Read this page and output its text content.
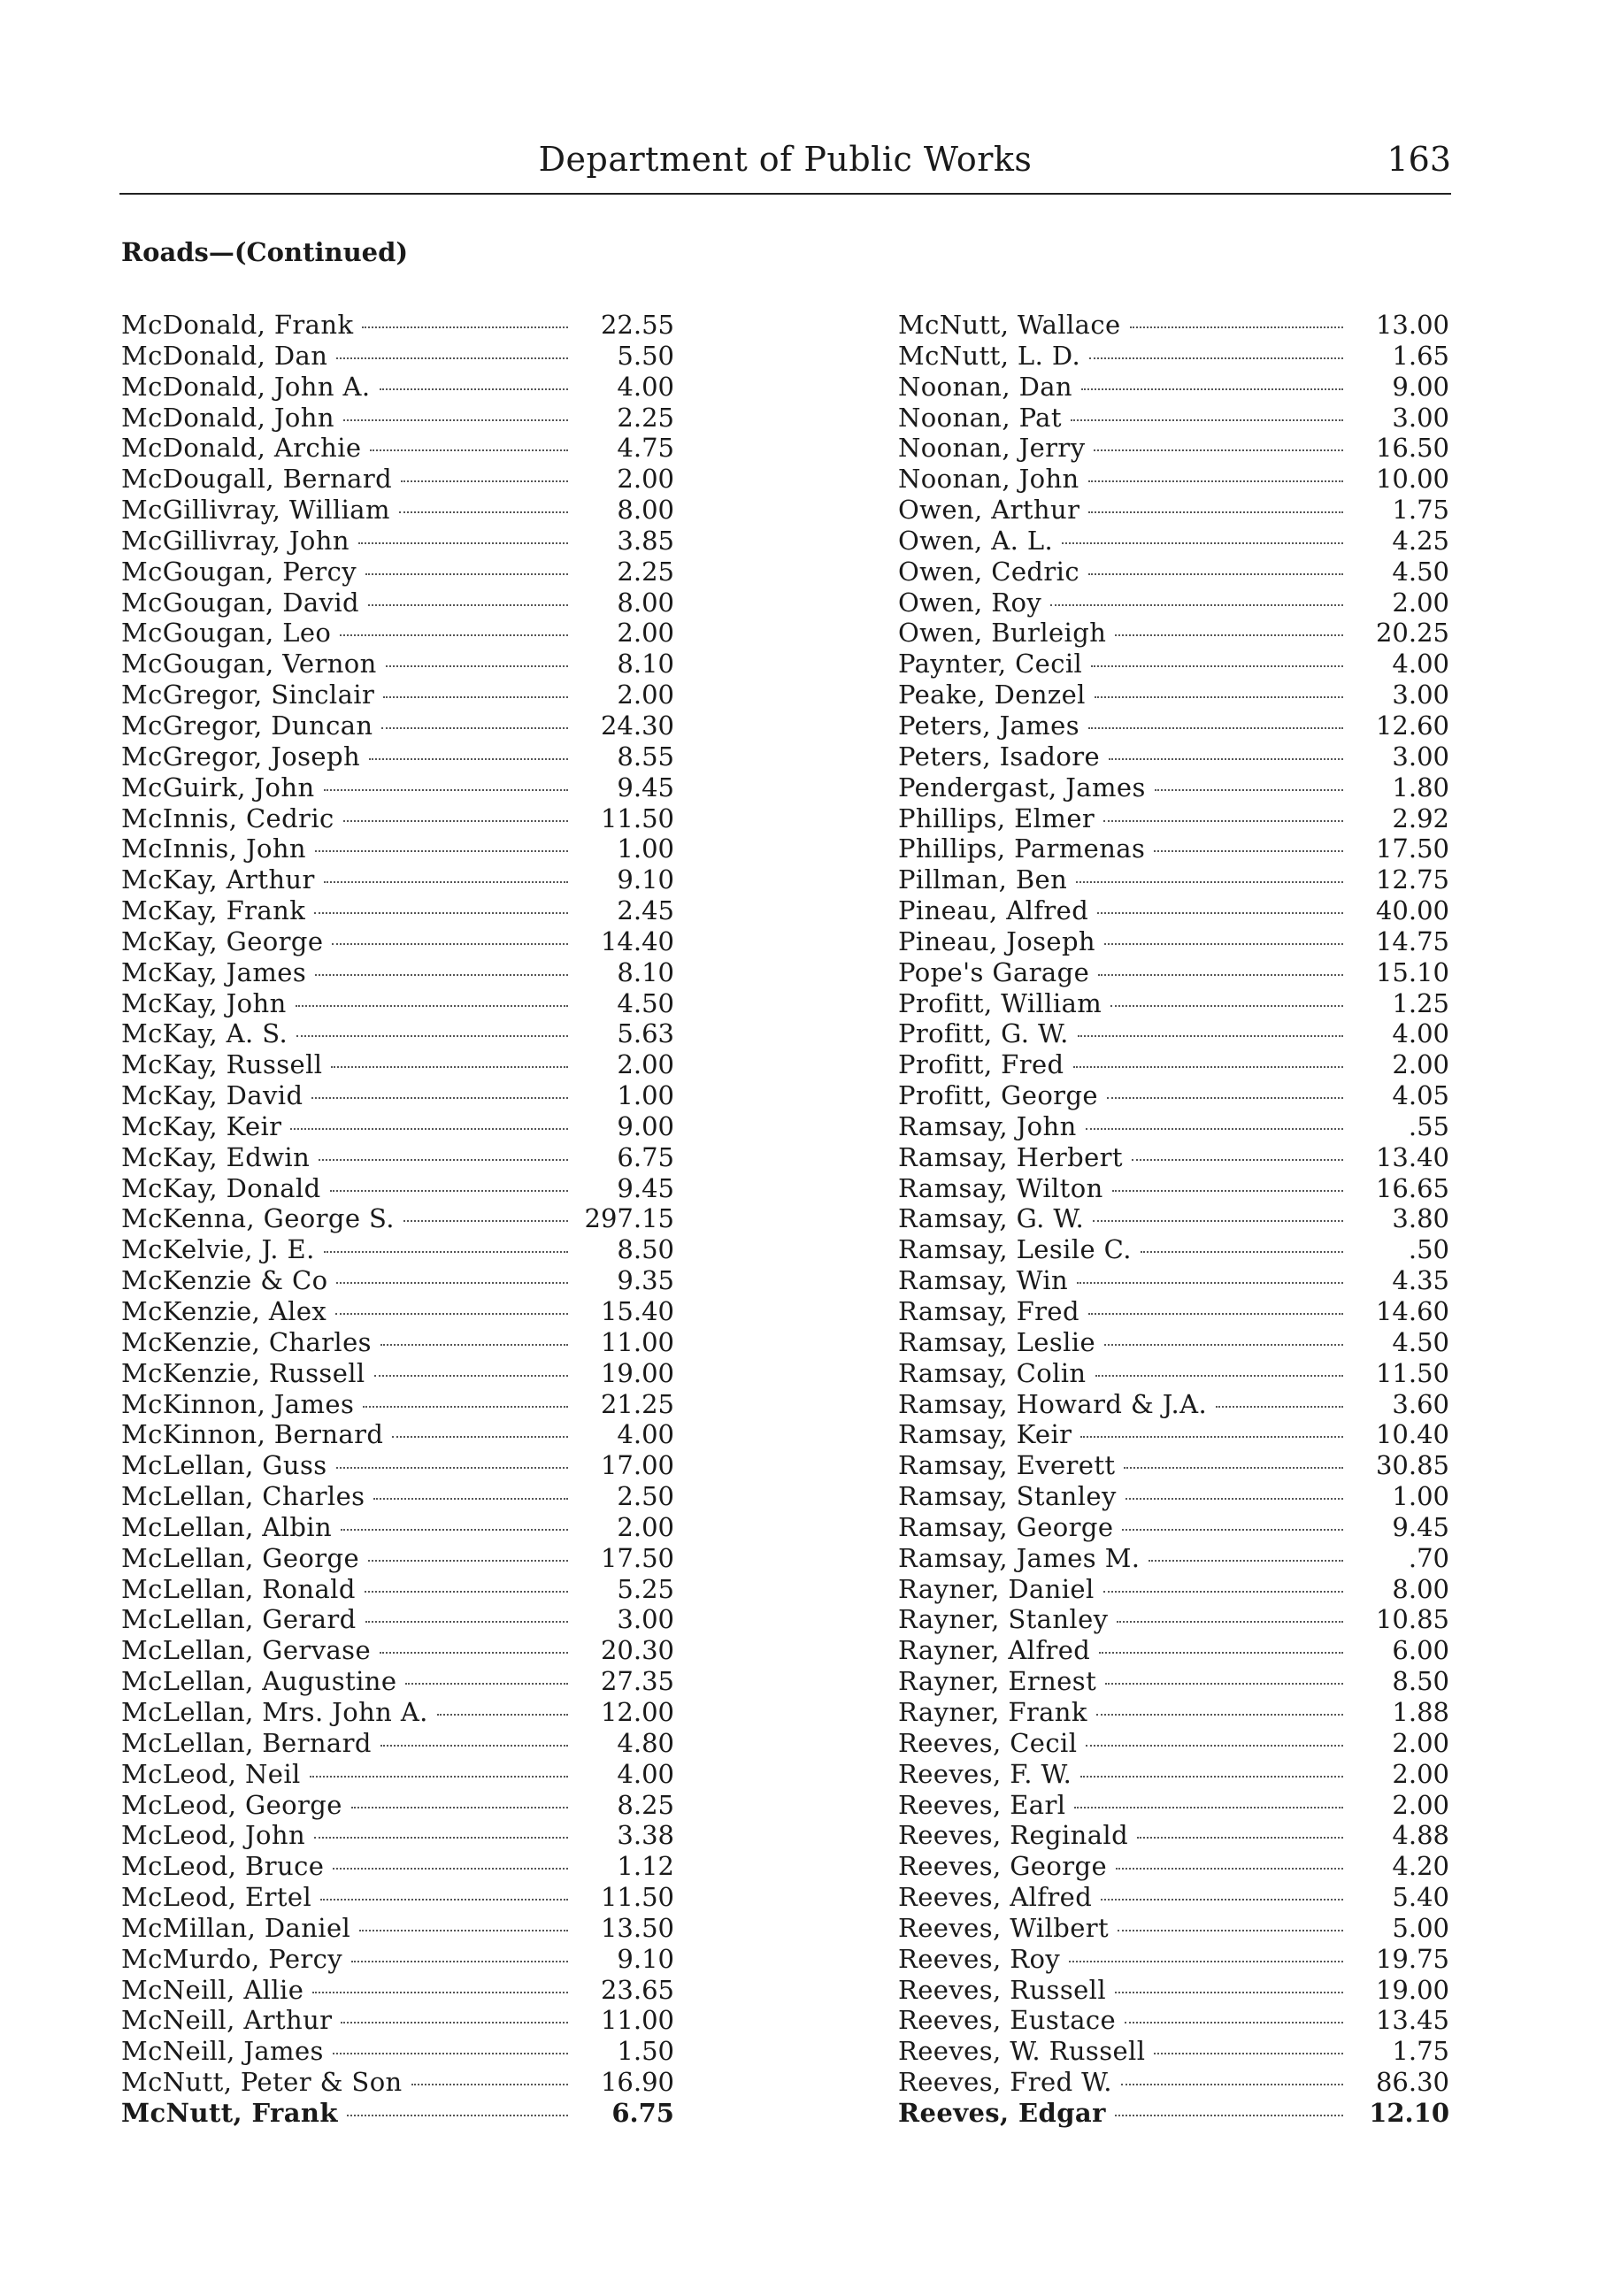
Department of Public Works	163
Roads—(Continued)
McDonald, Frank	22.55
McDonald, Dan	5.50
McDonald, John A.	4.00
McDonald, John	2.25
McDonald, Archie	4.75
McDougall, Bernard	2.00
McGillivray, William	8.00
McGillivray, John	3.85
McGougan, Percy	2.25
McGougan, David	8.00
McGougan, Leo	2.00
McGougan, Vernon	8.10
McGregor, Sinclair	2.00
McGregor, Duncan	24.30
McGregor, Joseph	8.55
McGuirk, John	9.45
McInnis, Cedric	11.50
McInnis, John	1.00
McKay, Arthur	9.10
McKay, Frank	2.45
McKay, George	14.40
McKay, James	8.10
McKay, John	4.50
McKay, A. S.	5.63
McKay, Russell	2.00
McKay, David	1.00
McKay, Keir	9.00
McKay, Edwin	6.75
McKay, Donald	9.45
McKenna, George S.	297.15
McKelvie, J. E.	8.50
McKenzie & Co	9.35
McKenzie, Alex	15.40
McKenzie, Charles	11.00
McKenzie, Russell	19.00
McKinnon, James	21.25
McKinnon, Bernard	4.00
McLellan, Guss	17.00
McLellan, Charles	2.50
McLellan, Albin	2.00
McLellan, George	17.50
McLellan, Ronald	5.25
McLellan, Gerard	3.00
McLellan, Gervase	20.30
McLellan, Augustine	27.35
McLellan, Mrs. John A.	12.00
McLellan, Bernard	4.80
McLeod, Neil	4.00
McLeod, George	8.25
McLeod, John	3.38
McLeod, Bruce	1.12
McLeod, Ertel	11.50
McMillan, Daniel	13.50
McMurdo, Percy	9.10
McNeill, Allie	23.65
McNeill, Arthur	11.00
McNeill, James	1.50
McNutt, Peter & Son	16.90
McNutt, Frank	6.75
McNutt, Wallace	13.00
McNutt, L. D.	1.65
Noonan, Dan	9.00
Noonan, Pat	3.00
Noonan, Jerry	16.50
Noonan, John	10.00
Owen, Arthur	1.75
Owen, A. L.	4.25
Owen, Cedric	4.50
Owen, Roy	2.00
Owen, Burleigh	20.25
Paynter, Cecil	4.00
Peake, Denzel	3.00
Peters, James	12.60
Peters, Isadore	3.00
Pendergast, James	1.80
Phillips, Elmer	2.92
Phillips, Parmenas	17.50
Pillman, Ben	12.75
Pineau, Alfred	40.00
Pineau, Joseph	14.75
Pope's Garage	15.10
Profitt, William	1.25
Profitt, G. W.	4.00
Profitt, Fred	2.00
Profitt, George	4.05
Ramsay, John	.55
Ramsay, Herbert	13.40
Ramsay, Wilton	16.65
Ramsay, G. W.	3.80
Ramsay, Lesile C.	.50
Ramsay, Win	4.35
Ramsay, Fred	14.60
Ramsay, Leslie	4.50
Ramsay, Colin	11.50
Ramsay, Howard & J.A.	3.60
Ramsay, Keir	10.40
Ramsay, Everett	30.85
Ramsay, Stanley	1.00
Ramsay, George	9.45
Ramsay, James M.	.70
Rayner, Daniel	8.00
Rayner, Stanley	10.85
Rayner, Alfred	6.00
Rayner, Ernest	8.50
Rayner, Frank	1.88
Reeves, Cecil	2.00
Reeves, F. W.	2.00
Reeves, Earl	2.00
Reeves, Reginald	4.88
Reeves, George	4.20
Reeves, Alfred	5.40
Reeves, Wilbert	5.00
Reeves, Roy	19.75
Reeves, Russell	19.00
Reeves, Eustace	13.45
Reeves, W. Russell	1.75
Reeves, Fred W.	86.30
Reeves, Edgar	12.10
